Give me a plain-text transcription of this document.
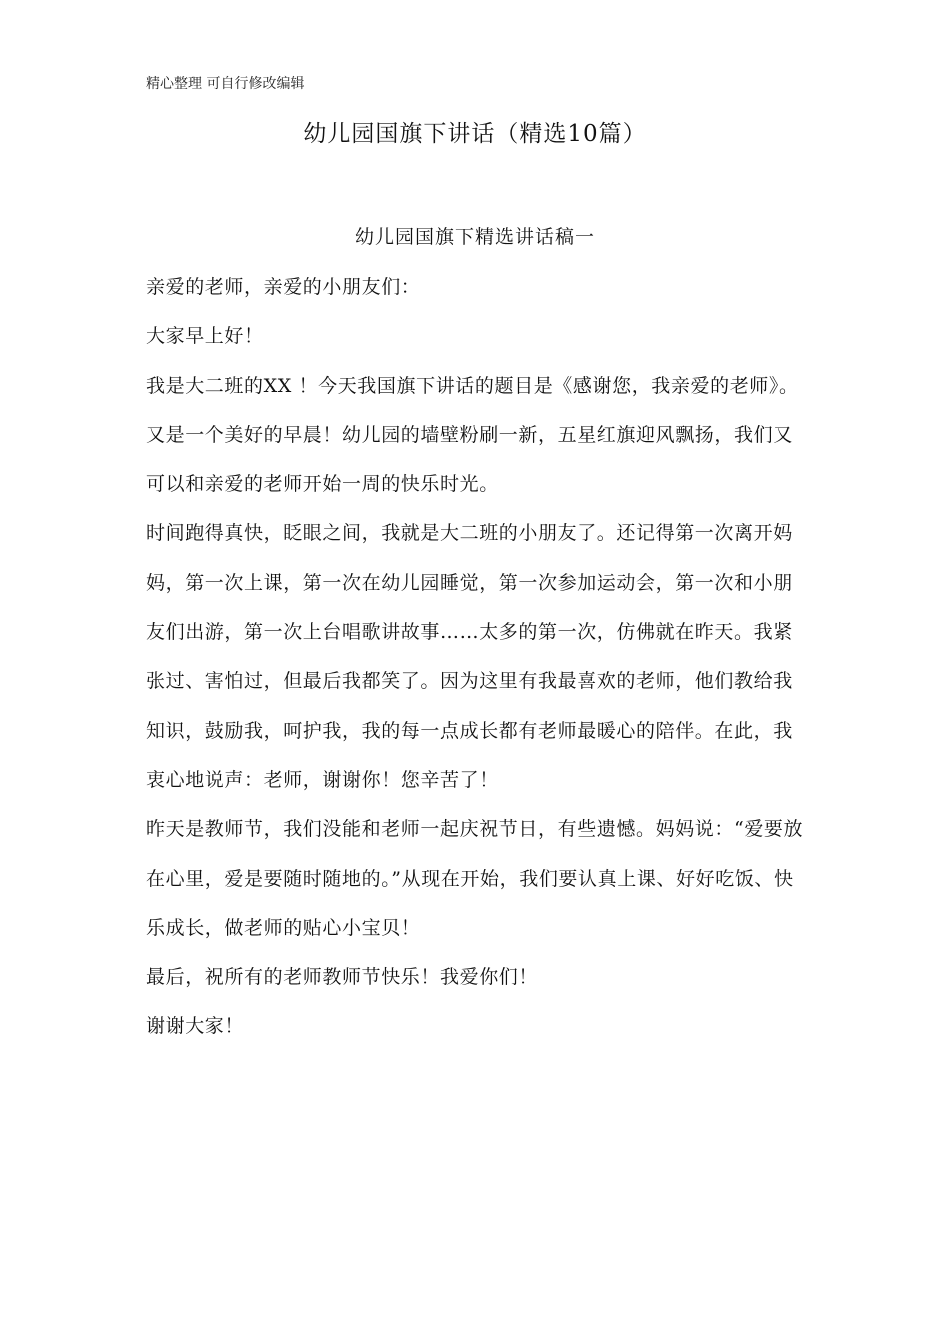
精心整理 可自行修改编辑
幼儿园国旗下讲话（精选10篇）
幼儿园国旗下精选讲话稿一

亲爱的老师，亲爱的小朋友们：

大家早上好！

我是大二班的XX ！今天我国旗下讲话的题目是《感谢您，我亲爱的老师》。

又是一个美好的早晨！幼儿园的墙壁粉刷一新，五星红旗迎风飘扬，我们又可以和亲爱的老师开始一周的快乐时光。

时间跑得真快，眨眼之间，我就是大二班的小朋友了。还记得第一次离开妈妈，第一次上课，第一次在幼儿园睡觉，第一次参加运动会，第一次和小朋友们出游，第一次上台唱歌讲故事……太多的第一次，仿佛就在昨天。我紧张过、害怕过，但最后我都笑了。因为这里有我最喜欢的老师，他们教给我知识，鼓励我，呵护我，我的每一点成长都有老师最暖心的陪伴。在此，我衷心地说声：老师，谢谢你！您辛苦了！

昨天是教师节，我们没能和老师一起庆祝节日，有些遗憾。妈妈说：“爱要放在心里，爱是要随时随地的。”从现在开始，我们要认真上课、好好吃饭、快乐成长，做老师的贴心小宝贝！

最后，祝所有的老师教师节快乐！我爱你们！

谢谢大家！
